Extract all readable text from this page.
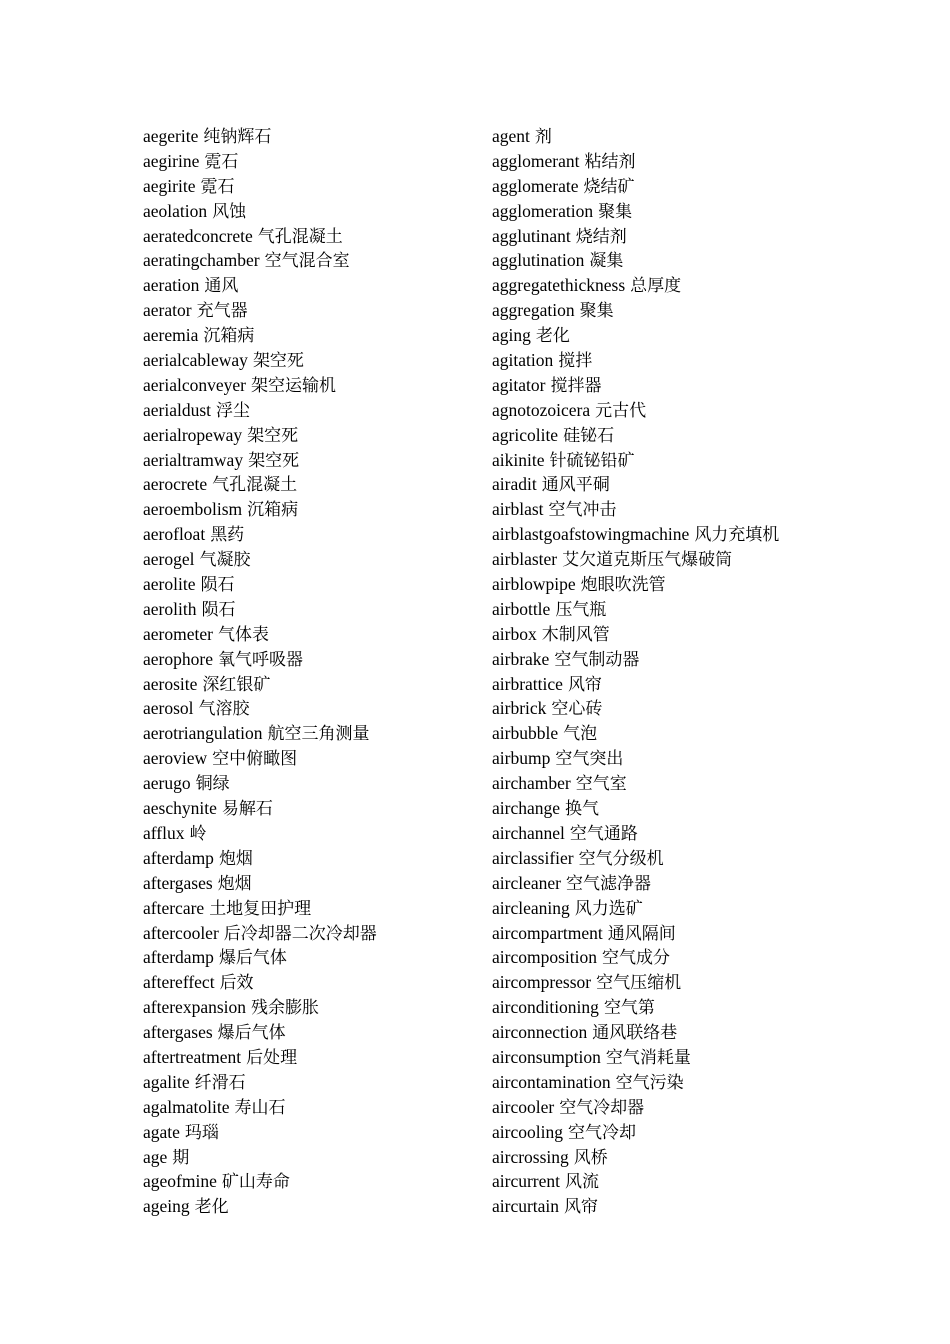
aegerite 纯钠辉石
aegirine 霓石
aegirite 霓石
aeolation 风蚀
aeratedconcrete 气孔混凝土
aeratingchamber 空气混合室
aeration 通风
aerator 充气器
aeremia 沉箱病
aerialcableway 架空死
aerialconveyer 架空运输机
aerialdust 浮尘
aerialropeway 架空死
aerialtramway 架空死
aerocrete 气孔混凝土
aeroembolism 沉箱病
aerofloat 黑药
aerogel 气凝胶
aerolite 陨石
aerolith 陨石
aerometer 气体表
aerophore 氧气呼吸器
aerosite 深红银矿
aerosol 气溶胶
aerotriangulation 航空三角测量
aeroview 空中俯瞰图
aerugo 铜绿
aeschynite 易解石
afflux 岭
afterdamp 炮烟
aftergases 炮烟
aftercare 土地复田护理
aftercooler 后冷却器二次冷却器
afterdamp 爆后气体
aftereffect 后效
afterexpansion 残余膨胀
aftergases 爆后气体
aftertreatment 后处理
agalite 纤滑石
agalmatolite 寿山石
agate 玛瑙
age 期
ageofmine 矿山寿命
ageing 老化
agent 剂
agglomerant 粘结剂
agglomerate 烧结矿
agglomeration 聚集
agglutinant 烧结剂
agglutination 凝集
aggregatethickness 总厚度
aggregation 聚集
aging 老化
agitation 搅拌
agitator 搅拌器
agnotozoicera 元古代
agricolite 硅铋石
aikinite 针硫铋铅矿
airadit 通风平硐
airblast 空气冲击
airblastgoafstowingmachine 风力充填机
airblaster 艾欠道克斯压气爆破筒
airblowpipe 炮眼吹洗管
airbottle 压气瓶
airbox 木制风管
airbrake 空气制动器
airbrattice 风帘
airbrick 空心砖
airbubble 气泡
airbump 空气突出
airchamber 空气室
airchange 换气
airchannel 空气通路
airclassifier 空气分级机
aircleaner 空气滤净器
aircleaning 风力选矿
aircompartment 通风隔间
aircomposition 空气成分
aircompressor 空气压缩机
airconditioning 空气第
airconnection 通风联络巷
airconsumption 空气消耗量
aircontamination 空气污染
aircooler 空气冷却器
aircooling 空气冷却
aircrossing 风桥
aircurrent 风流
aircurtain 风帘
